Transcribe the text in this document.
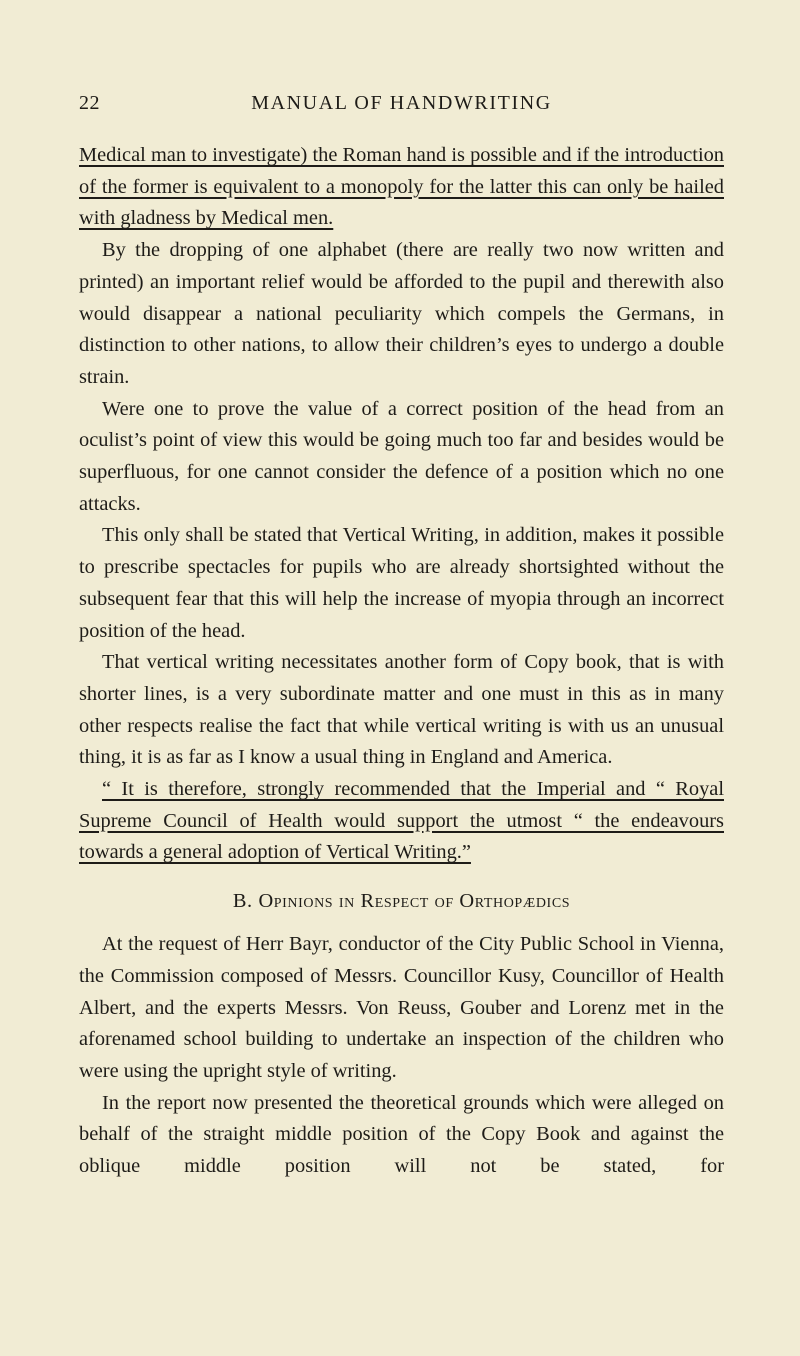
22	MANUAL OF HANDWRITING

Medical man to investigate) the Roman hand is possible and if the introduction of the former is equivalent to a monopoly for the latter this can only be hailed with gladness by Medical men.

By the dropping of one alphabet (there are really two now written and printed) an important relief would be afforded to the pupil and therewith also would disappear a national peculiarity which compels the Germans, in distinction to other nations, to allow their children’s eyes to undergo a double strain.

Were one to prove the value of a correct position of the head from an oculist’s point of view this would be going much too far and besides would be superfluous, for one cannot consider the defence of a position which no one attacks.

This only shall be stated that Vertical Writing, in addition, makes it possible to prescribe spectacles for pupils who are already shortsighted without the subsequent fear that this will help the increase of myopia through an incorrect position of the head.

That vertical writing necessitates another form of Copy book, that is with shorter lines, is a very subordinate matter and one must in this as in many other respects realise the fact that while vertical writing is with us an unusual thing, it is as far as I know a usual thing in England and America.

“ It is therefore, strongly recommended that the Imperial and “ Royal Supreme Council of Health would support the utmost “ the endeavours towards a general adoption of Vertical Writing.”

B. Opinions in Respect of Orthopædics

At the request of Herr Bayr, conductor of the City Public School in Vienna, the Commission composed of Messrs. Councillor Kusy, Councillor of Health Albert, and the experts Messrs. Von Reuss, Gouber and Lorenz met in the aforenamed school building to undertake an inspection of the children who were using the upright style of writing.

In the report now presented the theoretical grounds which were alleged on behalf of the straight middle position of the Copy Book and against the oblique middle position will not be stated, for
